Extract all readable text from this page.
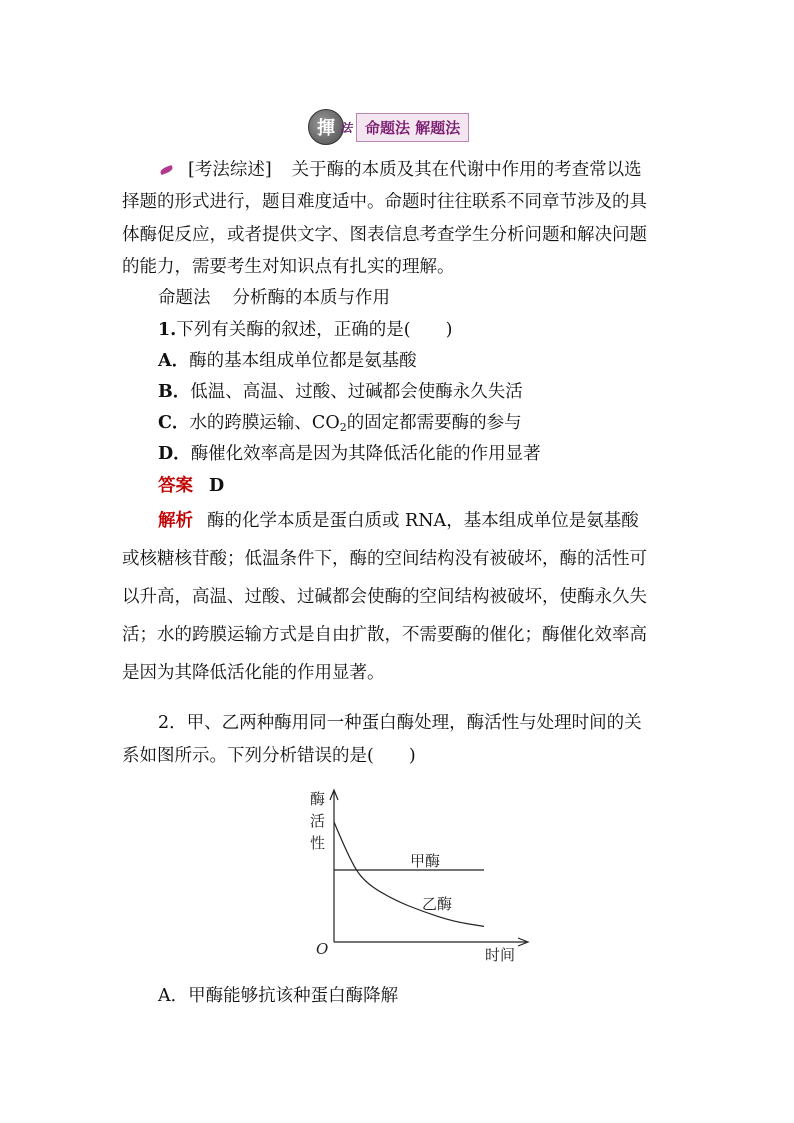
揮 法 命题法 解题法
[考法综述] 关于酶的本质及其在代谢中作用的考查常以选
择题的形式进行，题目难度适中。命题时往往联系不同章节涉及的具
体酶促反应，或者提供文字、图表信息考查学生分析问题和解决问题
的能力，需要考生对知识点有扎实的理解。
命题法 分析酶的本质与作用
1.下列有关酶的叙述，正确的是(　　)
A．酶的基本组成单位都是氨基酸
B．低温、高温、过酸、过碱都会使酶永久失活
C．水的跨膜运输、$CO_2$的固定都需要酶的参与
D．酶催化效率高是因为其降低活化能的作用显著
答案 D
解析 酶的化学本质是蛋白质或 RNA，基本组成单位是氨基酸
或核糖核苷酸；低温条件下，酶的空间结构没有被破坏，酶的活性可
以升高，高温、过酸、过碱都会使酶的空间结构被破坏，使酶永久失
活；水的跨膜运输方式是自由扩散，不需要酶的催化；酶催化效率高
是因为其降低活化能的作用显著。
2．甲、乙两种酶用同一种蛋白酶处理，酶活性与处理时间的关
系如图所示。下列分析错误的是(　　)
酶活性
时间
O
甲酶
乙酶
A．甲酶能够抗该种蛋白酶降解
